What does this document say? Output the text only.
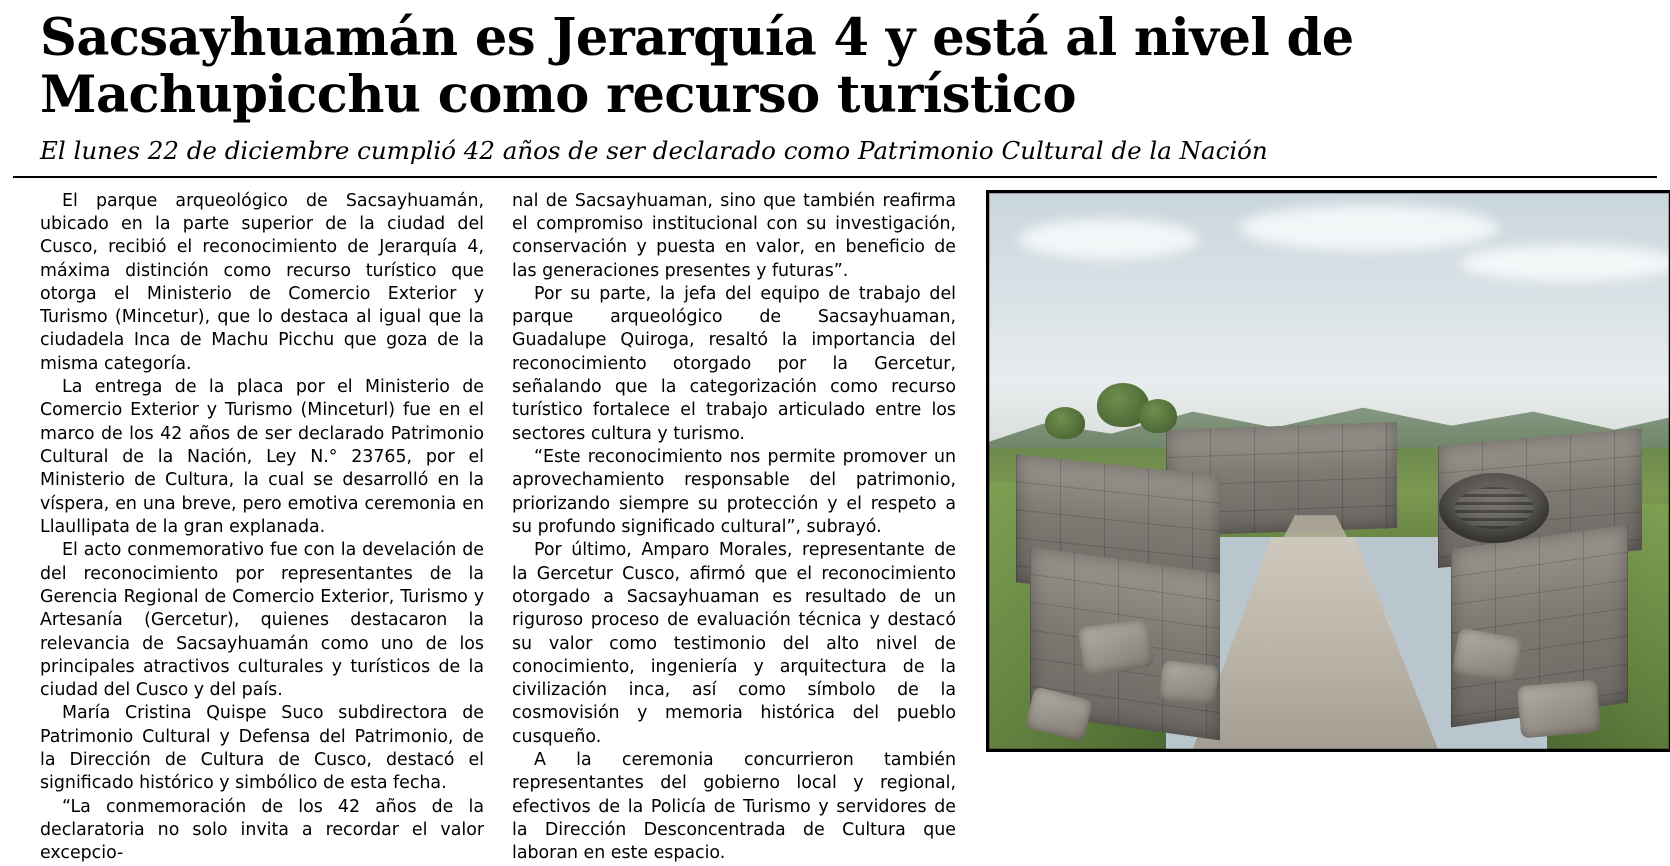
Sacsayhuamán es Jerarquía 4 y está al nivel de Machupicchu como recurso turístico
El lunes 22 de diciembre cumplió 42 años de ser declarado como Patrimonio Cultural de la Nación

El parque arqueológico de Sacsayhuamán, ubicado en la parte superior de la ciudad del Cusco, recibió el reconocimiento de Jerarquía 4, máxima distinción como recurso turístico que otorga el Ministerio de Comercio Exterior y Turismo (Mincetur), que lo destaca al igual que la ciudadela Inca de Machu Picchu que goza de la misma categoría.

La entrega de la placa por el Ministerio de Comercio Exterior y Turismo (Minceturl) fue en el marco de los 42 años de ser declarado Patrimonio Cultural de la Nación, Ley N.° 23765, por el Ministerio de Cultura, la cual se desarrolló en la víspera, en una breve, pero emotiva ceremonia en Llaullipata de la gran explanada.

El acto conmemorativo fue con la develación de del reconocimiento por representantes de la Gerencia Regional de Comercio Exterior, Turismo y Artesanía (Gercetur), quienes destacaron la relevancia de Sacsayhuamán como uno de los principales atractivos culturales y turísticos de la ciudad del Cusco y del país.

María Cristina Quispe Suco subdirectora de Patrimonio Cultural y Defensa del Patrimonio, de la Dirección de Cultura de Cusco, destacó el significado histórico y simbólico de esta fecha.

“La conmemoración de los 42 años de la declaratoria no solo invita a recordar el valor excepcio-

nal de Sacsayhuaman, sino que también reafirma el compromiso institucional con su investigación, conservación y puesta en valor, en beneficio de las generaciones presentes y futuras”.

Por su parte, la jefa del equipo de trabajo del parque arqueológico de Sacsayhuaman, Guadalupe Quiroga, resaltó la importancia del reconocimiento otorgado por la Gercetur, señalando que la categorización como recurso turístico fortalece el trabajo articulado entre los sectores cultura y turismo.

“Este reconocimiento nos permite promover un aprovechamiento responsable del patrimonio, priorizando siempre su protección y el respeto a su profundo significado cultural”, subrayó.

Por último, Amparo Morales, representante de la Gercetur Cusco, afirmó que el reconocimiento otorgado a Sacsayhuaman es resultado de un riguroso proceso de evaluación técnica y destacó su valor como testimonio del alto nivel de conocimiento, ingeniería y arquitectura de la civilización inca, así como símbolo de la cosmovisión y memoria histórica del pueblo cusqueño.

A la ceremonia concurrieron también representantes del gobierno local y regional, efectivos de la Policía de Turismo y servidores de la Dirección Desconcentrada de Cultura que laboran en este espacio.
